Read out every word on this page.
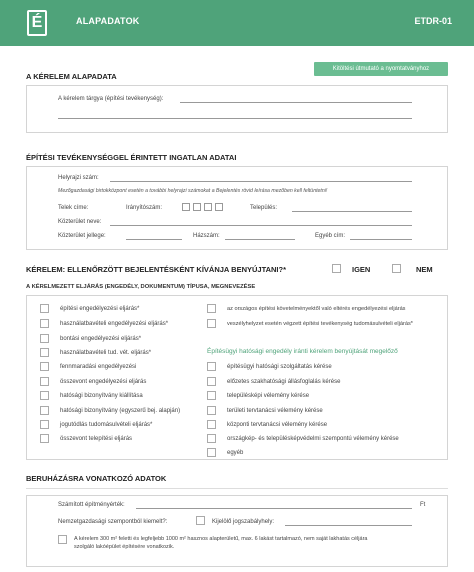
É	ALAPADATOK	ETDR-01
Kitöltési útmutató a nyomtatványhoz
A KÉRELEM ALAPADATA
A kérelem tárgya (építési tevékenység):
ÉPÍTÉSI TEVÉKENYSÉGGEL ÉRINTETT INGATLAN ADATAI
Helyrajzi szám:
Mezőgazdasági birtokközpont esetén a további helyrajzi számokat a Bejelentés rövid leírása mezőben kell feltüntetni!
Telek címe:	Irányítószám:	Település:
Közterület neve:
Közterület jellege:	Házszám:	Egyéb cím:
KÉRELEM: ELLENŐRZÖTT BEJELENTÉSKÉNT KÍVÁNJA BENYÚJTANI?*	IGEN	NEM
A KÉRELMEZETT ELJÁRÁS (ENGEDÉLY, DOKUMENTUM) TÍPUSA, MEGNEVEZÉSE
építési engedélyezési eljárás*
használatbavételi engedélyezési eljárás*
bontási engedélyezési eljárás*
használatbavételi tud. vét. eljárás*
fennmaradási engedélyezési
összevont engedélyezési eljárás
hatósági bizonyítvány kiállítása
hatósági bizonyítvány (egyszerű bej. alapján)
jogutódlás tudomásulvételi eljárás*
összevont telepítési eljárás
az országos építési követelményektől való eltérés engedélyezési eljárás
veszélyhelyzet esetén végzett építési tevékenység tudomásulvételi eljárás*
Építésügyi hatósági engedély iránti kérelem benyújtását megelőző
építésügyi hatósági szolgáltatás kérése
előzetes szakhatósági állásfoglalás kérése
településképi vélemény kérése
területi tervtanácsi vélemény kérése
központi tervtanácsi vélemény kérése
országkép- és településképvédelmi szempontú vélemény kérése
egyéb
BERUHÁZÁSRA VONATKOZÓ ADATOK
Számított építményérték:	Ft
Nemzetgazdasági szempontból kiemelt?:	Kijelölő jogszabályhely:
A kérelem 300 m² feletti és legfeljebb 1000 m² hasznos alapterületű, max. 6 lakást tartalmazó, nem saját lakhatás céljára
szolgáló lakóépület építésére vonatkozik.
